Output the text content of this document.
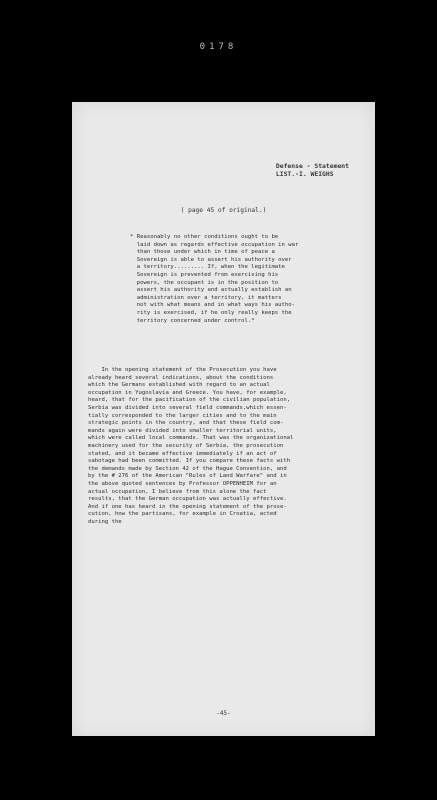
0178
Defense - Statement
LIST.-I. WEIGHS
( page 45 of original.)
* Reasonably no other conditions ought to be
laid down as regards effective occupation in war
than those under which in time of peace a
Sovereign is able to assert his authority over
a territory......... If, when the legitimate
Sovereign is prevented from exercising his
powers, the occupant is in the position to
assert his authority and actually establish an
administration over a territory, it matters
not with what means and in what ways his autho-
rity is exercised, if he only really keeps the
territory concerned under control.*
In the opening statement of the Prosecution you have
already heard several indications, about the conditions
which the Germans established with regard to an actual
occupation in Yugoslavia and Greece. You have, for example,
heard, that for the pacification of the civilian population,
Serbia was divided into several field commands,which essen-
tially corresponded to the larger cities and to the main
strategic points in the country, and that these field com-
mands again were divided into smaller territorial units,
which were called local commands. That was the organizational
machinery used for the security of Serbia, the prosecution
stated, and it became effective immediately if an act of
sabotage had been committed. If you compare these facts with
the demands made by Section 42 of the Hague Convention, and
by the # 276 of the American "Rules of Land Warfare" and in
the above quoted sentences by Professor OPPENHEIM for an
actual occupation, I believe from this alone the fact
results, that the German occupation was actually effective.
And if one has heard in the opening statement of the prose-
cution, how the partisans, for example in Croatia, acted
during the
-45-
